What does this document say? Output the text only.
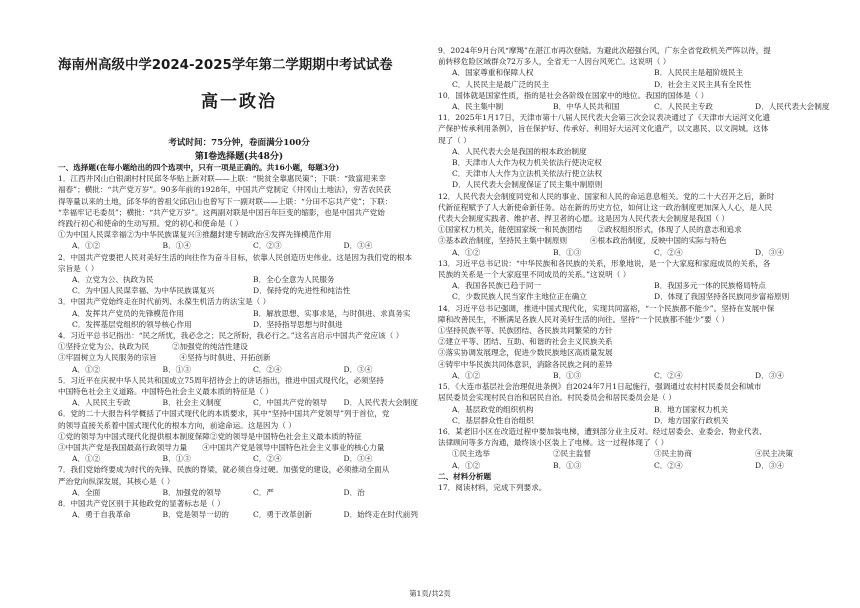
海南州高级中学2024-2025学年第二学期期中考试试卷
高一政治
考试时间：75分钟，卷面满分100分
第Ⅰ卷选择题(共48分)

一、选择题(在每小题给出的四个选项中，只有一项是正确的。共16小题，每题3分)

1．江西井冈山白银湖村村民邱冬华贴上新对联——上联：“脱贫全靠惠民策”；下联：“致富迎来幸

福春”；横批：“共产党万岁”。90多年前的1928年，中国共产党制定《井冈山土地法》，穷苦农民获

得等量以来的土地，邱冬华的曾祖父邱启山也曾写下一副对联——上联：“分田不忘共产党”；下联：

“幸福牢记毛委员”；横批：“共产党万岁”。这两副对联是中国百年巨变的缩影，也是中国共产党始

终践行初心和使命的生动写照。党的初心和使命是（ ）

①为中国人民谋幸福②为中华民族谋复兴③推翻封建专制政治④发挥先锋模范作用

A．①②	B．①④	C．②③	D．③④

2．中国共产党要把人民对美好生活的向往作为奋斗目标，依靠人民创造历史伟业。这是因为我们党的根本

宗旨是（ ）

A．立党为公、执政为民	B．全心全意为人民服务
C．为中国人民谋幸福、为中华民族谋复兴	D．保持党的先进性和纯洁性

3．中国共产党始终走在时代前列、永葆生机活力的法宝是（ ）

A．发挥共产党员的先锋模范作用	B．解放思想、实事求是，与时俱进、求真务实
C．发挥基层党组织的领导核心作用	D．坚持指导思想与时俱进

4．习近平总书记指出：“民之所忧，我必念之；民之所盼，我必行之。”这名言启示中国共产党应该（ ）

①坚持立党为公、执政为民　　　②加强党的纯洁性建设

③牢固树立为人民服务的宗旨　　　④坚持与时俱进、开拓创新

A．①②	B．①③	C．②④	D．③④

5．习近平在庆祝中华人民共和国成立75周年招待会上的讲话指出，推进中国式现代化，必须坚持

中国特色社会主义道路。中国特色社会主义最本质的特征是（ ）

A．人民民主专政	B．社会主义制度	C．中国共产党的领导	D．人民代表大会制度

6．党的二十大报告科学概括了中国式现代化的本质要求，其中“坚持中国共产党领导”列于首位，党

的领导直接关系着中国式现代化的根本方向，前途命运。这是因为（ ）

①党的领导为中国式现代化提供根本制度保障②党的领导是中国特色社会主义最本质的特征

③中国共产党是我国最高行政领导力量　　④中国共产党是领导中国特色社会主义事业的核心力量

A．①②	B．①③	C．②④	D．③④

7．我们党始终要成为时代的先锋、民族的脊梁，就必须自身过硬。加强党的建设，必须推动全面从

严治党向纵深发展，其核心是（ ）

A．全面	B．加强党的领导	C．严	D．治

8．中国共产党区别于其他政党的显著标志是（ ）

A．勇于自我革命	B．党是领导一切的	C．勇于改革创新	D．始终走在时代前列

9．2024年9月台风“摩羯”在湛江市再次登陆。为避此次超强台风，广东全省党政机关严阵以待，提

前转移危险区域群众72万多人，全省无一人因台风死亡。这说明（ ）

A．国家尊重和保障人权	B．人民民主是超阶级民主
C．人民民主是最广泛的民主	D．社会主义民主具有全民性

10．国体就是国家性质，指的是社会各阶级在国家中的地位。我国的国体是（ ）

A．民主集中制	B．中华人民共和国	C．人民民主专政	D．人民代表大会制度

11．2025年1月17日，天津市第十八届人民代表大会第三次会议表决通过了《天津市大运河文化遗

产保护传承利用条例》，旨在保护好、传承好、利用好大运河文化遗产，以文惠民、以文润城。这体

现了（ ）

A．人民代表大会是我国的根本政治制度
B．天津市人大作为权力机关依法行使决定权
C．天津市人大作为立法机关依法行使立法权
D．人民代表大会制度保证了民主集中制原则

12．人民代表大会制度同党和人民的事业、国家和人民的命运息息相关。党的二十大召开之后，新时

代新征程赋予了人大新使命新任务。站在新的历史方位，如何让这一政治制度更加深入人心，是人民

代表大会制度实践者、维护者、捍卫者的心愿。这是因为人民代表大会制度是我国（ ）

①国家权力机关，能使国家统一和民族团结　　②政权组织形式，体现了人民的意志和追求

③基本政治制度，坚持民主集中制原则　　　④根本政治制度，反映中国的实际与特色

A．①②	B．①③	C．②④	D．③④

13．习近平总书记说：“中华民族和各民族的关系，形象地说，是一个大家庭和家庭成员的关系，各

民族的关系是一个大家庭里不同成员的关系。”这说明（ ）

A．我国各民族已趋于同一	B．我国多元一体的民族格局特点
C．少数民族人民当家作主地位正在确立	D．体现了我国坚持各民族同步富裕原则

14．习近平总书记强调，推进中国式现代化，实现共同富裕，“一个民族都不能少”。坚持在发展中保

障和改善民生，不断满足各族人民对美好生活的向往。坚持“一个民族都不能少”要（ ）

①坚持民族平等、民族团结、各民族共同繁荣的方针

②建立平等、团结、互助、和谐的社会主义民族关系

③落实协调发展理念，促进少数民族地区高质量发展

④铸牢中华民族共同体意识，消除各民族之间的差异

A．①②	B．①③	C．②④	D．③④

15．《大连市基层社会治理促进条例》自2024年7月1日起施行，强调通过农村村民委员会和城市

居民委员会实现村民自治和居民自治。村民委员会和居民委员会是（ ）

A．基层政党的组织机构	B．地方国家权力机关
C．基层群众性自治组织	D．地方国家行政机关

16．某老旧小区在改造过程中要加装电梯，遭到部分业主反对。经过居委会、业委会、物业代表、

法律顾问等多方沟通，最终该小区装上了电梯。这一过程体现了（ ）

①民主选举	②民主监督	③民主协商	④民主决策
A．①②	B．①③	C．②④	D．③④

二、材料分析题

17．阅读材料，完成下列要求。

第1页/共2页
